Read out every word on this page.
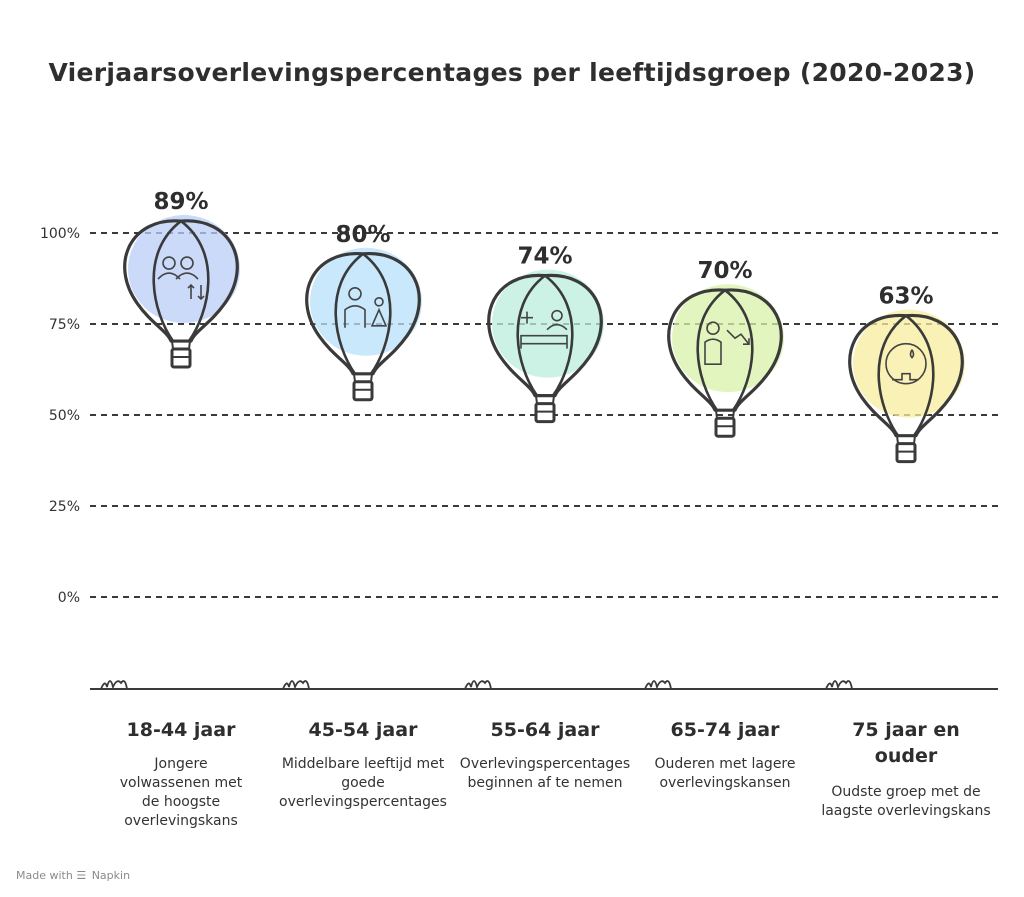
0%
25%
50%
75%
100%
89%
80%
74%
70%
63%
Vierjaarsoverlevingspercentages per leeftijdsgroep (2020-2023)
18-44 jaar
Jongere volwassenen met de hoogste overlevingskans
45-54 jaar
Middelbare leeftijd met goede overlevingspercentages
55-64 jaar
Overlevingspercentages beginnen af te nemen
65-74 jaar
Ouderen met lagere overlevingskansen
75 jaar en ouder
Oudste groep met de laagste overlevingskans
Made with ☰ Napkin
